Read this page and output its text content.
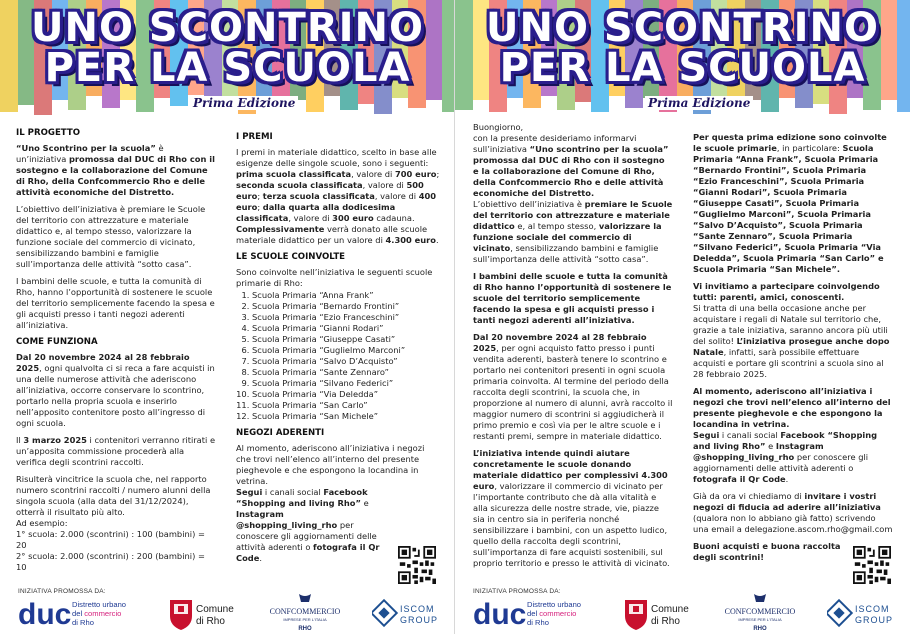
UNO SCONTRINO
PER LA SCUOLA
Prima Edizione
IL PROGETTO

“Uno Scontrino per la scuola” è un’iniziativa promossa dal DUC di Rho con il sostegno e la collaborazione del Comune di Rho, della Confcommercio Rho e delle attività economiche del Distretto.

L’obiettivo dell’iniziativa è premiare le Scuole del territorio con attrezzature e materiale didattico e, al tempo stesso, valorizzare la funzione sociale del commercio di vicinato, sensibilizzando bambini e famiglie sull’importanza delle attività “sotto casa”.

I bambini delle scuole, e tutta la comunità di Rho, hanno l’opportunità di sostenere le scuole del territorio semplicemente facendo la spesa e gli acquisti presso i tanti negozi aderenti all’iniziativa.

COME FUNZIONA

Dal 20 novembre 2024 al 28 febbraio 2025, ogni qualvolta ci si reca a fare acquisti in una delle numerose attività che aderiscono all’iniziativa, occorre conservare lo scontrino, portarlo nella propria scuola e inserirlo nell’apposito contenitore posto all’ingresso di ogni scuola.

Il 3 marzo 2025 i contenitori verranno ritirati e un’apposita commissione procederà alla verifica degli scontrini raccolti.

Risulterà vincitrice la scuola che, nel rapporto numero scontrini raccolti / numero alunni della singola scuola (alla data del 31/12/2024), otterrà il risultato più alto.

Ad esempio:
1° scuola: 2.000 (scontrini) : 100 (bambini) = 20
2° scuola: 2.000 (scontrini) : 200 (bambini) = 10
I PREMI

I premi in materiale didattico, scelto in base alle esigenze delle singole scuole, sono i seguenti:

prima scuola classificata, valore di 700 euro; seconda scuola classificata, valore di 500 euro; terza scuola classificata, valore di 400 euro; dalla quarta alla dodicesima classificata, valore di 300 euro cadauna.

Complessivamente verrà donato alle scuole materiale didattico per un valore di 4.300 euro.

LE SCUOLE COINVOLTE

Sono coinvolte nell’iniziativa le seguenti scuole primarie di Rho:

1. Scuola Primaria “Anna Frank”
2. Scuola Primaria “Bernardo Frontini”
3. Scuola Primaria “Ezio Franceschini”
4. Scuola Primaria “Gianni Rodari”
5. Scuola Primaria “Giuseppe Casati”
6. Scuola Primaria “Guglielmo Marconi”
7. Scuola Primaria “Salvo D’Acquisto”
8. Scuola Primaria “Sante Zennaro”
9. Scuola Primaria “Silvano Federici”
10. Scuola Primaria “Via Deledda”
11. Scuola Primaria “San Carlo”
12. Scuola Primaria “San Michele”
NEGOZI ADERENTI

Al momento, aderiscono all’iniziativa i negozi che trovi nell’elenco all’interno del presente pieghevole e che espongono la locandina in vetrina.

Segui i canali social Facebook “Shopping and living Rho” e Instagram @shopping_living_rho per conoscere gli aggiornamenti delle attività aderenti o fotografa il Qr Code.

INIZIATIVA PROMOSSA DA:
duc Distretto urbano
del commercio
di Rho
Comune
di Rho
CONFCOMMERCIO
IMPRESE PER L’ITALIA
RHO
ISCOM
GROUP
UNO SCONTRINO
PER LA SCUOLA
Prima Edizione
Buongiorno,

con la presente desideriamo informarvi sull’iniziativa “Uno scontrino per la scuola” promossa dal DUC di Rho con il sostegno e la collaborazione del Comune di Rho, della Confcommercio Rho e delle attività economiche del Distretto.

L’obiettivo dell’iniziativa è premiare le Scuole del territorio con attrezzature e materiale didattico e, al tempo stesso, valorizzare la funzione sociale del commercio di vicinato, sensibilizzando bambini e famiglie sull’importanza delle attività “sotto casa”.

I bambini delle scuole e tutta la comunità di Rho hanno l’opportunità di sostenere le scuole del territorio semplicemente facendo la spesa e gli acquisti presso i tanti negozi aderenti all’iniziativa.

Dal 20 novembre 2024 al 28 febbraio 2025, per ogni acquisto fatto presso i punti vendita aderenti, basterà tenere lo scontrino e portarlo nei contenitori presenti in ogni scuola primaria coinvolta. Al termine del periodo della raccolta degli scontrini, la scuola che, in proporzione al numero di alunni, avrà raccolto il maggior numero di scontrini si aggiudicherà il primo premio e così via per le altre scuole e i restanti premi, sempre in materiale didattico.

L’iniziativa intende quindi aiutare concretamente le scuole donando materiale didattico per complessivi 4.300 euro, valorizzare il commercio di vicinato per l’importante contributo che dà alla vitalità e alla sicurezza delle nostre strade, vie, piazze sia in centro sia in periferia nonché sensibilizzare i bambini, con un aspetto ludico, quello della raccolta degli scontrini, sull’importanza di fare acquisti sostenibili, sul proprio territorio e presso le attività di vicinato.

Per questa prima edizione sono coinvolte le scuole primarie, in particolare: Scuola Primaria “Anna Frank”, Scuola Primaria “Bernardo Frontini”, Scuola Primaria “Ezio Franceschini”, Scuola Primaria “Gianni Rodari”, Scuola Primaria “Giuseppe Casati”, Scuola Primaria “Guglielmo Marconi”, Scuola Primaria “Salvo D’Acquisto”, Scuola Primaria “Sante Zennaro”, Scuola Primaria “Silvano Federici”, Scuola Primaria “Via Deledda”, Scuola Primaria “San Carlo” e Scuola Primaria “San Michele”.

Vi invitiamo a partecipare coinvolgendo tutti: parenti, amici, conoscenti.

Si tratta di una bella occasione anche per acquistare i regali di Natale sul territorio che, grazie a tale iniziativa, saranno ancora più utili del solito! L’iniziativa prosegue anche dopo Natale, infatti, sarà possibile effettuare acquisti e portare gli scontrini a scuola sino al 28 febbraio 2025.

Al momento, aderiscono all’iniziativa i negozi che trovi nell’elenco all’interno del presente pieghevole e che espongono la locandina in vetrina.

Segui i canali social Facebook “Shopping and living Rho” e Instagram @shopping_living_rho per conoscere gli aggiornamenti delle attività aderenti o fotografa il Qr Code.

Già da ora vi chiediamo di invitare i vostri negozi di fiducia ad aderire all’iniziativa (qualora non lo abbiano già fatto) scrivendo una email a delegazione.ascom.rho@gmail.com

Buoni acquisti e buona raccolta degli scontrini!

INIZIATIVA PROMOSSA DA:
duc Distretto urbano
del commercio
di Rho
Comune
di Rho
CONFCOMMERCIO
IMPRESE PER L’ITALIA
RHO
ISCOM
GROUP
